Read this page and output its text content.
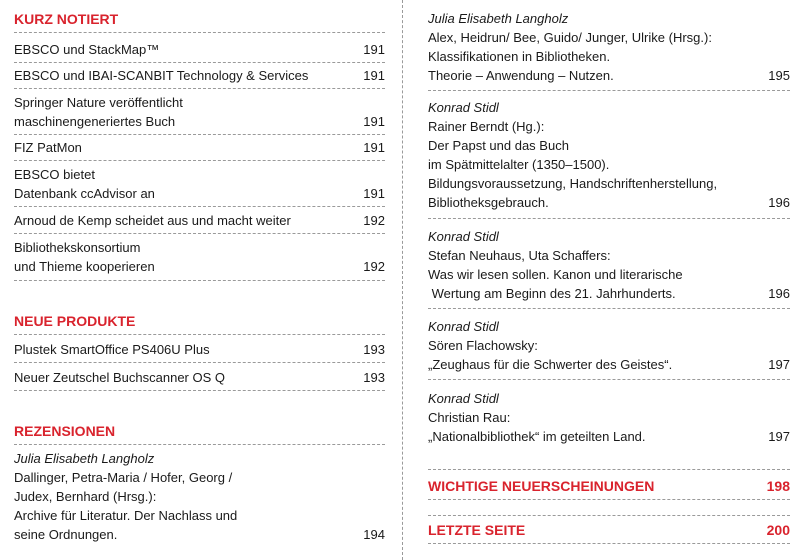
KURZ NOTIERT
EBSCO und StackMap™	191
EBSCO und IBAI-SCANBIT Technology & Services	191
Springer Nature veröffentlicht
maschinengeneriertes Buch	191
FIZ PatMon	191
EBSCO bietet
Datenbank ccAdvisor an	191
Arnoud de Kemp scheidet aus und macht weiter	192
Bibliothekskonsortium
und Thieme kooperieren	192
NEUE PRODUKTE
Plustek SmartOffice PS406U Plus	193
Neuer Zeutschel Buchscanner OS Q	193
REZENSIONEN
Julia Elisabeth Langholz
Dallinger, Petra-Maria / Hofer, Georg /
Judex, Bernhard (Hrsg.):
Archive für Literatur. Der Nachlass und
seine Ordnungen.	194
Julia Elisabeth Langholz
Alex, Heidrun/ Bee, Guido/ Junger, Ulrike (Hrsg.):
Klassifikationen in Bibliotheken.
Theorie – Anwendung – Nutzen.	195
Konrad Stidl
Rainer Berndt (Hg.):
Der Papst und das Buch
im Spätmittelalter (1350–1500).
Bildungsvoraussetzung, Handschriftenherstellung,
Bibliotheksgebrauch.	196
Konrad Stidl
Stefan Neuhaus, Uta Schaffers:
Was wir lesen sollen. Kanon und literarische
Wertung am Beginn des 21. Jahrhunderts.	196
Konrad Stidl
Sören Flachowsky:
„Zeughaus für die Schwerter des Geistes“.	197
Konrad Stidl
Christian Rau:
„Nationalbibliothek“ im geteilten Land.	197
WICHTIGE NEUERSCHEINUNGEN	198
LETZTE SEITE	200
